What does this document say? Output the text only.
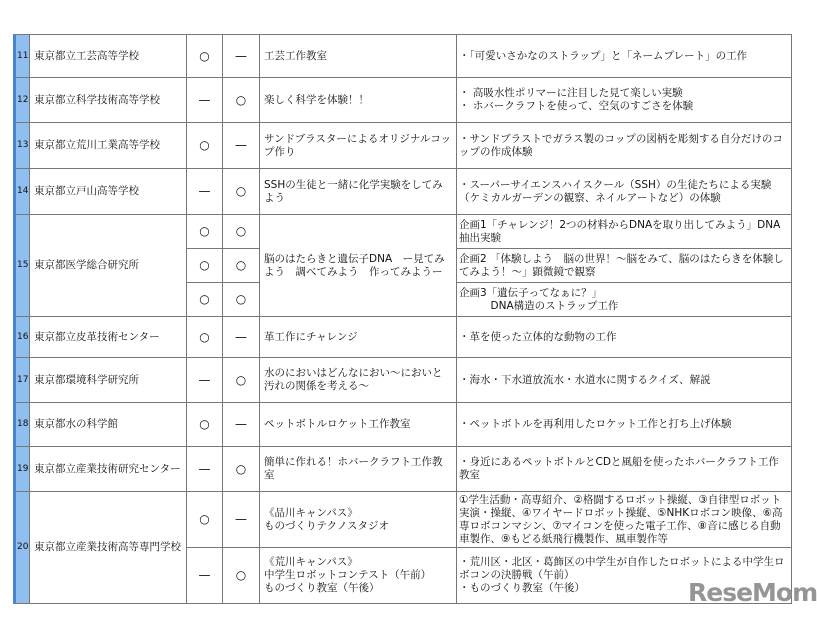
11	東京都立工芸高等学校	○	—	工芸工作教室	・「可愛いさかなのストラップ」と「ネームプレート」の工作
12	東京都立科学技術高等学校	—	○	楽しく科学を体験！！	・ 高吸水性ポリマーに注目した見て楽しい実験
・ ホバークラフトを使って、空気のすごさを体験
13	東京都立荒川工業高等学校	○	—	サンドブラスターによるオリジナルコップ作り	・サンドブラストでガラス製のコップの図柄を彫刻する自分だけのコップの作成体験
14	東京都立戸山高等学校	—	○	SSHの生徒と一緒に化学実験をしてみよう	・スーパーサイエンスハイスクール（SSH）の生徒たちによる実験（ケミカルガーデンの観察、ネイルアートなど）の体験
15	東京都医学総合研究所	○	○	脳のはたらきと遺伝子DNA　ー見てみよう　調べてみよう　作ってみようー	企画1「チャレンジ！2つの材料からDNAを取り出してみよう」DNA抽出実験
		○	○		企画2 「体験しよう　脳の世界！～脳をみて、脳のはたらきを体験してみよう！～」顕微鏡で観察
		○	○		企画3「遺伝子ってなぁに？」
　　　DNA構造のストラップ工作
16	東京都立皮革技術センター	○	—	革工作にチャレンジ	・革を使った立体的な動物の工作
17	東京都環境科学研究所	—	○	水のにおいはどんなにおい～においと汚れの関係を考える～	・海水・下水道放流水・水道水に関するクイズ、解説
18	東京都水の科学館	○	—	ペットボトルロケット工作教室	・ペットボトルを再利用したロケット工作と打ち上げ体験
19	東京都立産業技術研究センター	—	○	簡単に作れる！ホバークラフト工作教室	・身近にあるペットボトルとCDと風船を使ったホバークラフト工作教室
20	東京都立産業技術高等専門学校	○	—	《品川キャンパス》
ものづくりテクノスタジオ	①学生活動・高専紹介、②格闘するロボット操縦、③自律型ロボット実演・操縦、④ワイヤードロボット操縦、⑤NHKロボコン映像、⑥高専ロボコンマシン、⑦マイコンを使った電子工作、⑧音に感じる自動車製作、⑨もどる紙飛行機製作、風車製作等
		—	○	《荒川キャンパス》
中学生ロボットコンテスト（午前）
ものづくり教室（午後）	・荒川区・北区・葛飾区の中学生が自作したロボットによる中学生ロボコンの決勝戦（午前）
・ものづくり教室（午後）	ReseMom
